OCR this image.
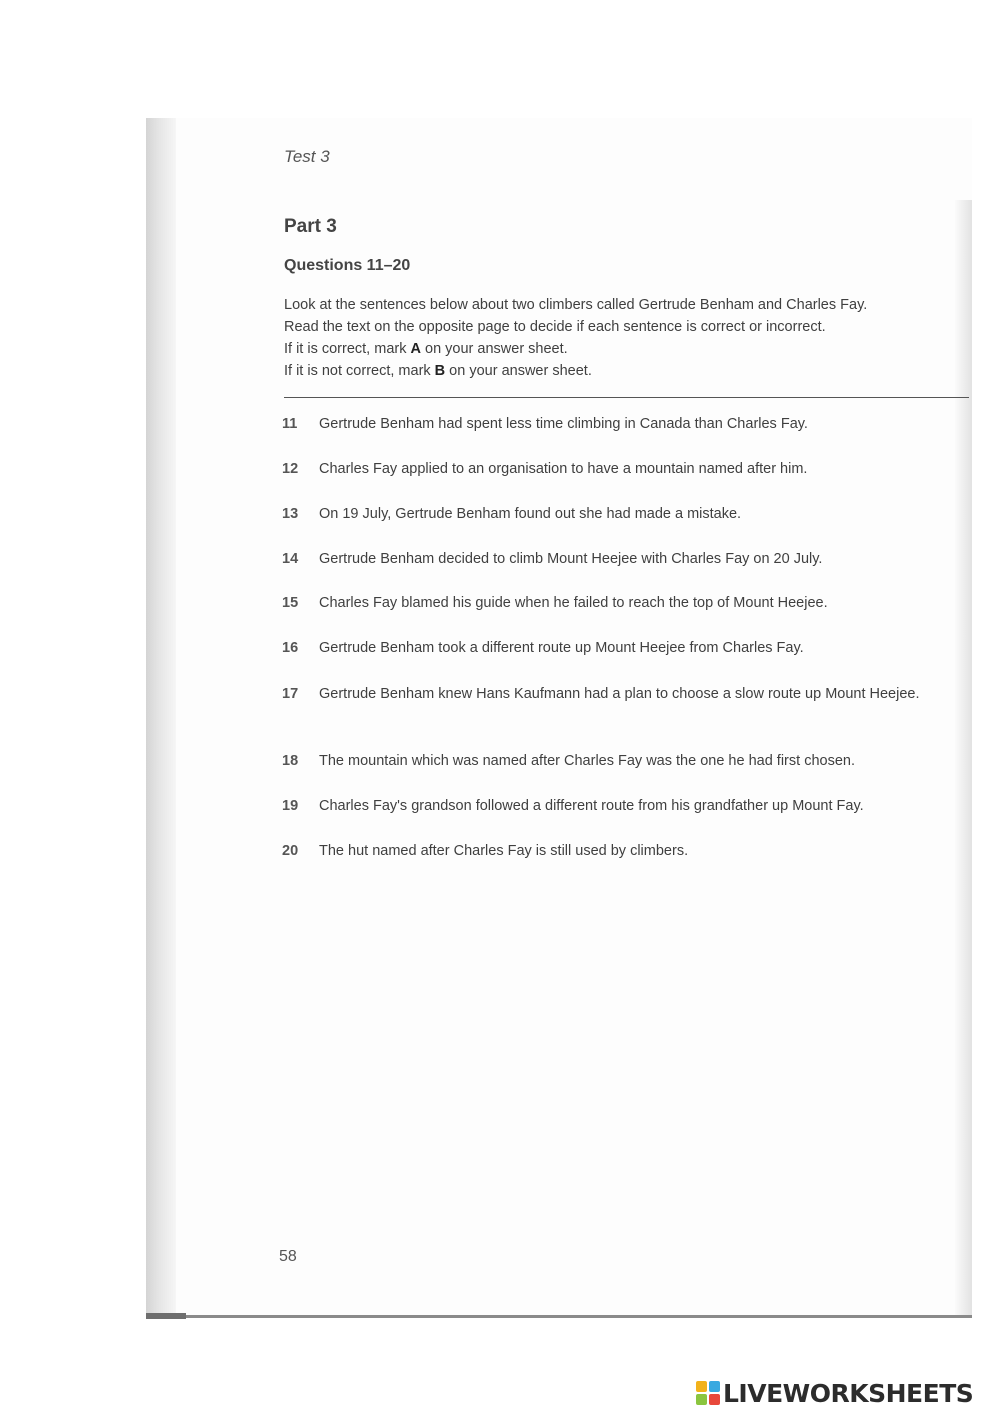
Test 3
Part 3
Questions 11–20
Look at the sentences below about two climbers called Gertrude Benham and Charles Fay.
Read the text on the opposite page to decide if each sentence is correct or incorrect.
If it is correct, mark A on your answer sheet.
If it is not correct, mark B on your answer sheet.
11	Gertrude Benham had spent less time climbing in Canada than Charles Fay.
12	Charles Fay applied to an organisation to have a mountain named after him.
13	On 19 July, Gertrude Benham found out she had made a mistake.
14	Gertrude Benham decided to climb Mount Heejee with Charles Fay on 20 July.
15	Charles Fay blamed his guide when he failed to reach the top of Mount Heejee.
16	Gertrude Benham took a different route up Mount Heejee from Charles Fay.
17	Gertrude Benham knew Hans Kaufmann had a plan to choose a slow route up Mount Heejee.
18	The mountain which was named after Charles Fay was the one he had first chosen.
19	Charles Fay's grandson followed a different route from his grandfather up Mount Fay.
20	The hut named after Charles Fay is still used by climbers.
58
LIVEWORKSHEETS
